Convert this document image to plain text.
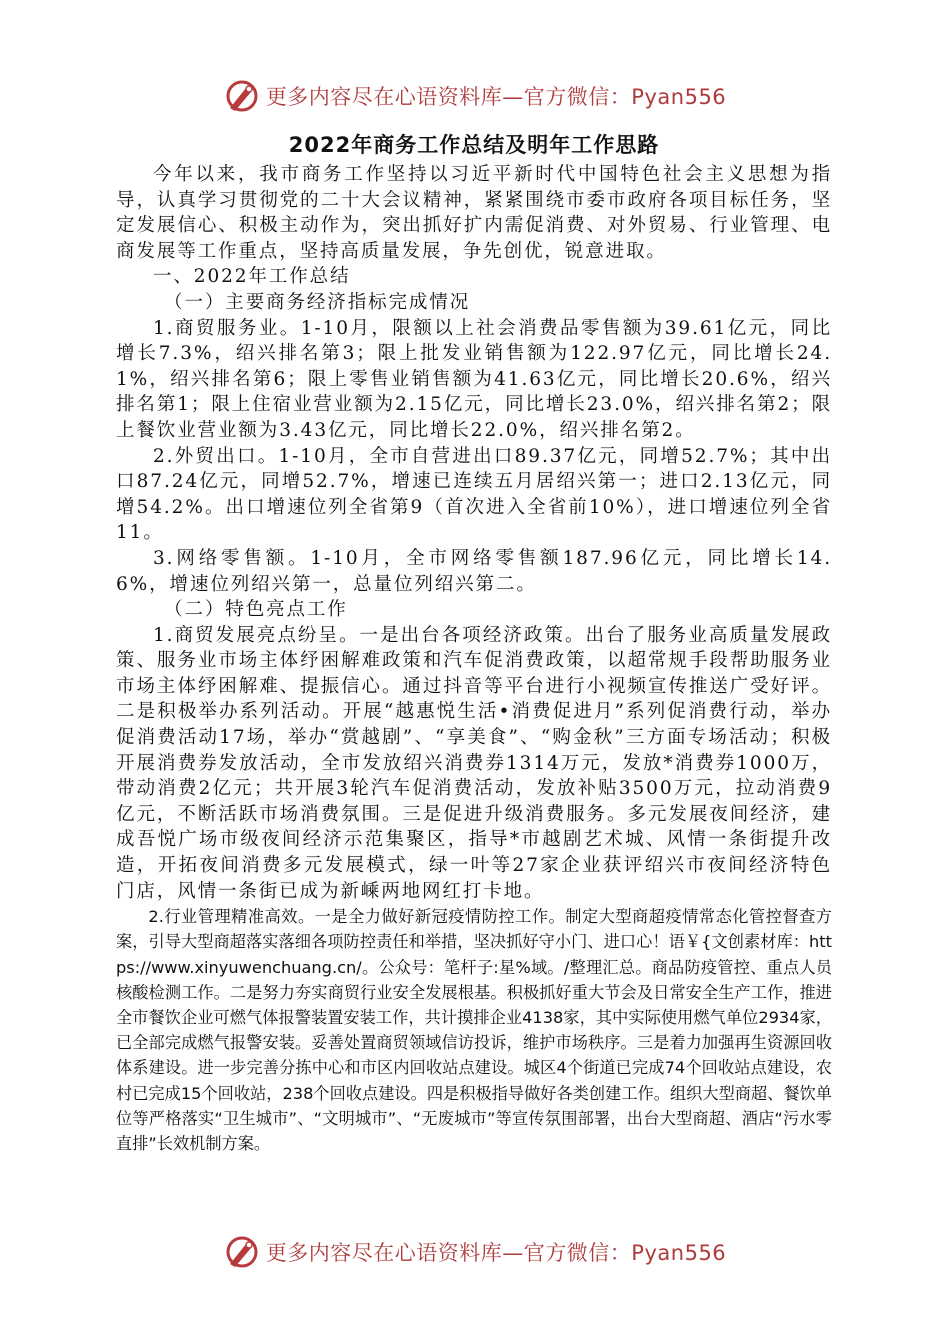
更多内容尽在心语资料库—官方微信：Pyan556
2022年商务工作总结及明年工作思路

今年以来，我市商务工作坚持以习近平新时代中国特色社会主义思想为指导，认真学习贯彻党的二十大会议精神，紧紧围绕市委市政府各项目标任务，坚定发展信心、积极主动作为，突出抓好扩内需促消费、对外贸易、行业管理、电商发展等工作重点，坚持高质量发展，争先创优，锐意进取。

一、2022年工作总结

（一）主要商务经济指标完成情况

1.商贸服务业。1-10月，限额以上社会消费品零售额为39.61亿元，同比增长7.3%，绍兴排名第3；限上批发业销售额为122.97亿元，同比增长24.1%，绍兴排名第6；限上零售业销售额为41.63亿元，同比增长20.6%，绍兴排名第1；限上住宿业营业额为2.15亿元，同比增长23.0%，绍兴排名第2；限上餐饮业营业额为3.43亿元，同比增长22.0%，绍兴排名第2。

2.外贸出口。1-10月，全市自营进出口89.37亿元，同增52.7%；其中出口87.24亿元，同增52.7%，增速已连续五月居绍兴第一；进口2.13亿元，同增54.2%。出口增速位列全省第9（首次进入全省前10%），进口增速位列全省11。

3.网络零售额。1-10月，全市网络零售额187.96亿元，同比增长14.6%，增速位列绍兴第一，总量位列绍兴第二。

（二）特色亮点工作

1.商贸发展亮点纷呈。一是出台各项经济政策。出台了服务业高质量发展政策、服务业市场主体纾困解难政策和汽车促消费政策，以超常规手段帮助服务业市场主体纾困解难、提振信心。通过抖音等平台进行小视频宣传推送广受好评。二是积极举办系列活动。开展“越惠悦生活•消费促进月”系列促消费行动，举办促消费活动17场，举办“赏越剧”、“享美食”、“购金秋”三方面专场活动；积极开展消费券发放活动，全市发放绍兴消费券1314万元，发放*消费券1000万，带动消费2亿元；共开展3轮汽车促消费活动，发放补贴3500万元，拉动消费9亿元，不断活跃市场消费氛围。三是促进升级消费服务。多元发展夜间经济，建成吾悦广场市级夜间经济示范集聚区，指导*市越剧艺术城、风情一条街提升改造，开拓夜间消费多元发展模式，绿一叶等27家企业获评绍兴市夜间经济特色门店，风情一条街已成为新嵊两地网红打卡地。

2.行业管理精准高效。一是全力做好新冠疫情防控工作。制定大型商超疫情常态化管控督查方案，引导大型商超落实落细各项防控责任和举措，坚决抓好守小门、进口心！语￥{文创素材库：https://www.xinyuwenchuang.cn/。公众号：笔杆子:星%域。/整理汇总。商品防疫管控、重点人员核酸检测工作。二是努力夯实商贸行业安全发展根基。积极抓好重大节会及日常安全生产工作，推进全市餐饮企业可燃气体报警装置安装工作，共计摸排企业4138家，其中实际使用燃气单位2934家，已全部完成燃气报警安装。妥善处置商贸领域信访投诉，维护市场秩序。三是着力加强再生资源回收体系建设。进一步完善分拣中心和市区内回收站点建设。城区4个街道已完成74个回收站点建设，农村已完成15个回收站，238个回收点建设。四是积极指导做好各类创建工作。组织大型商超、餐饮单位等严格落实“卫生城市”、“文明城市”、“无废城市”等宣传氛围部署，出台大型商超、酒店“污水零直排”长效机制方案。

更多内容尽在心语资料库—官方微信：Pyan556
